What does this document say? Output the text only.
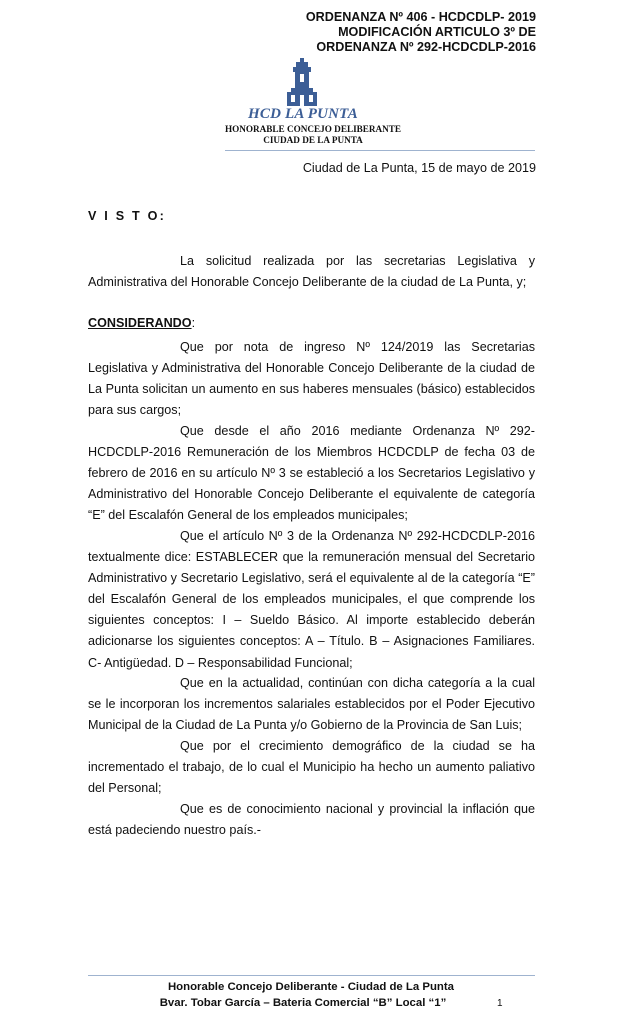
ORDENANZA Nº 406 - HCDCDLP- 2019
MODIFICACIÓN ARTICULO 3º DE
ORDENANZA Nº 292-HCDCDLP-2016
HCD LA PUNTA
HONORABLE CONCEJO DELIBERANTE
CIUDAD DE LA PUNTA
Ciudad de La Punta, 15 de mayo de 2019
V I S T O:

La solicitud realizada por las secretarias Legislativa y Administrativa del Honorable Concejo Deliberante de la ciudad de La Punta, y;

CONSIDERANDO:

Que por nota de ingreso Nº 124/2019 las Secretarias Legislativa y Administrativa del Honorable Concejo Deliberante de la ciudad de La Punta solicitan un aumento en sus haberes mensuales (básico) establecidos para sus cargos;

Que desde el año 2016 mediante Ordenanza Nº 292-HCDCDLP-2016 Remuneración de los Miembros HCDCDLP de fecha 03 de febrero de 2016 en su artículo Nº 3 se estableció a los Secretarios Legislativo y Administrativo del Honorable Concejo Deliberante el equivalente de categoría “E” del Escalafón General de los empleados municipales;

Que el artículo Nº 3 de la Ordenanza Nº 292-HCDCDLP-2016 textualmente dice: ESTABLECER que la remuneración mensual del Secretario Administrativo y Secretario Legislativo, será el equivalente al de la categoría “E” del Escalafón General de los empleados municipales, el que comprende los siguientes conceptos: I – Sueldo Básico. Al importe establecido deberán adicionarse los siguientes conceptos: A – Título. B – Asignaciones Familiares. C- Antigüedad. D – Responsabilidad Funcional;

Que en la actualidad, continúan con dicha categoría a la cual se le incorporan los incrementos salariales establecidos por el Poder Ejecutivo Municipal de la Ciudad de La Punta y/o Gobierno de la Provincia de San Luis;

Que por el crecimiento demográfico de la ciudad se ha incrementado el trabajo, de lo cual el Municipio ha hecho un aumento paliativo del Personal;

Que es de conocimiento nacional y provincial la inflación que está padeciendo nuestro país.-

Honorable Concejo Deliberante - Ciudad de La Punta
Bvar. Tobar García – Bateria Comercial “B” Local “1”	1
